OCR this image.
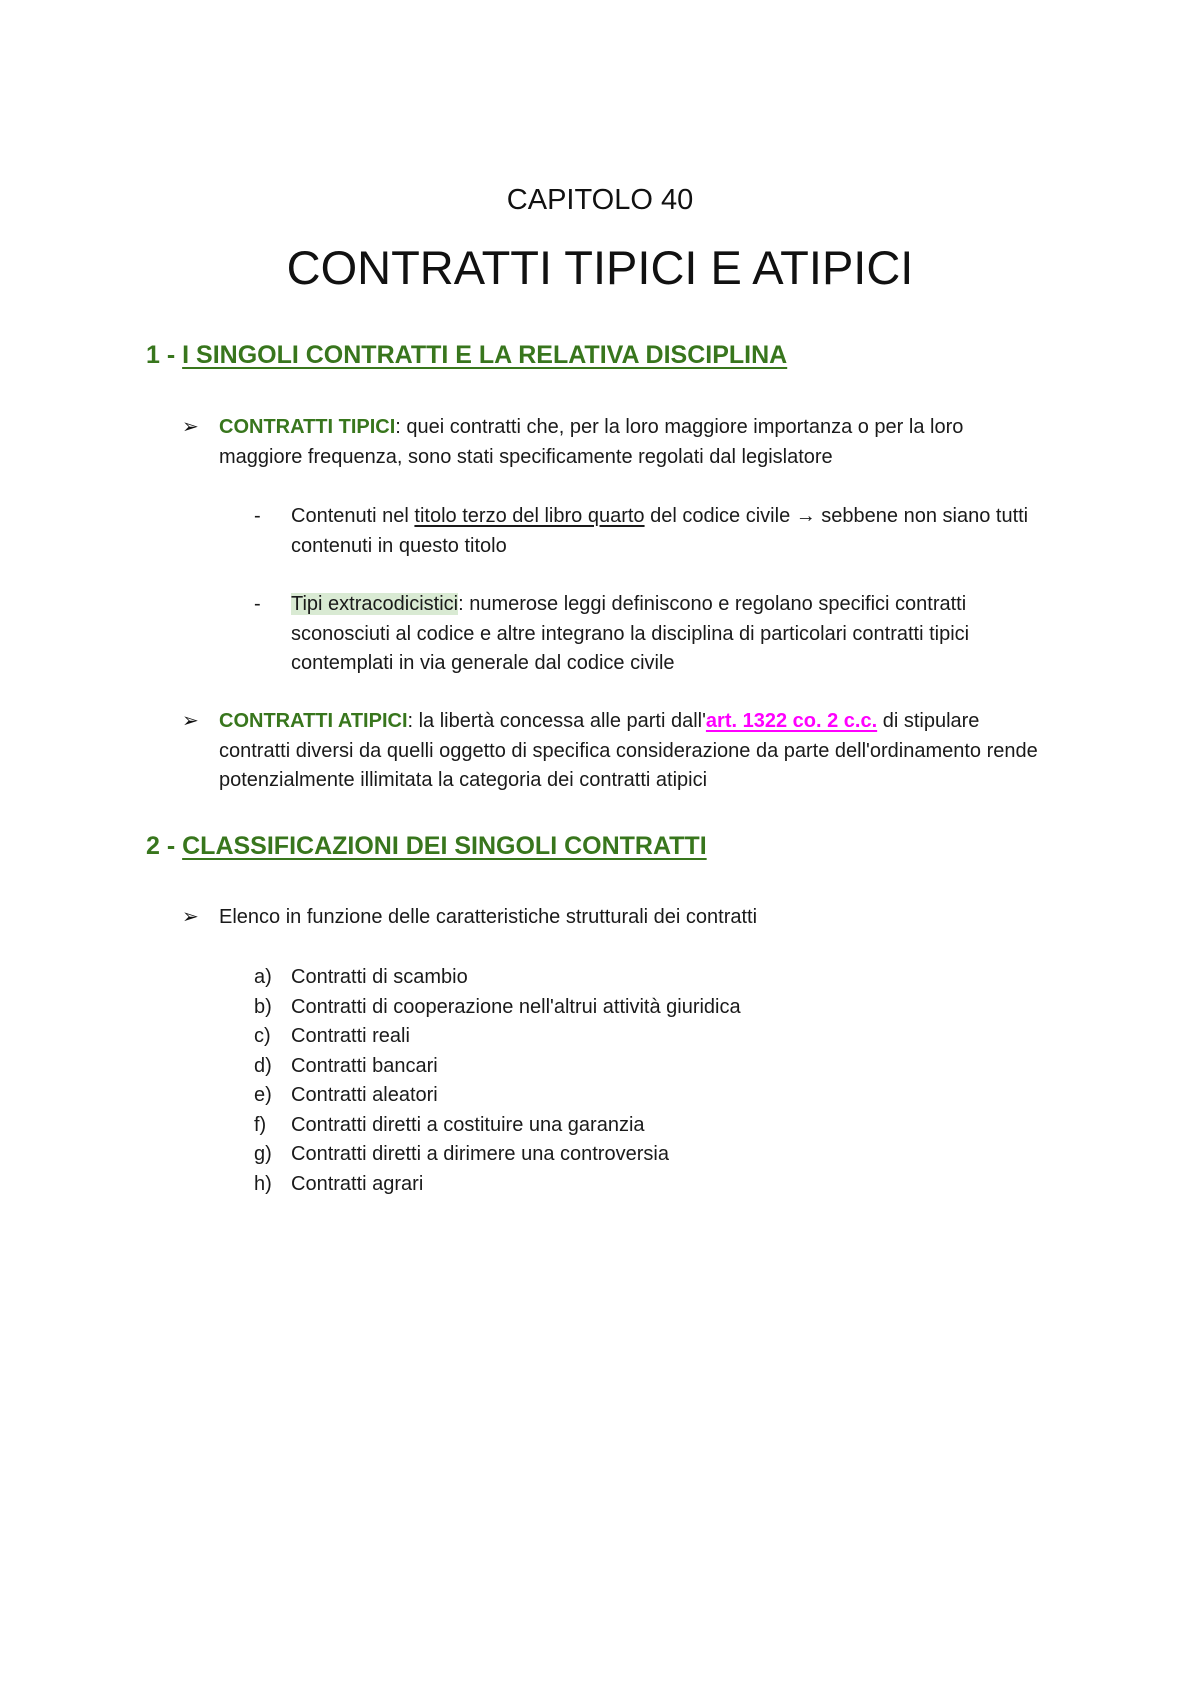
CAPITOLO 40
CONTRATTI TIPICI E ATIPICI
1 - I SINGOLI CONTRATTI E LA RELATIVA DISCIPLINA
➢ CONTRATTI TIPICI: quei contratti che, per la loro maggiore importanza o per la loro maggiore frequenza, sono stati specificamente regolati dal legislatore
- Contenuti nel titolo terzo del libro quarto del codice civile → sebbene non siano tutti contenuti in questo titolo
- Tipi extracodicistici: numerose leggi definiscono e regolano specifici contratti sconosciuti al codice e altre integrano la disciplina di particolari contratti tipici contemplati in via generale dal codice civile
➢ CONTRATTI ATIPICI: la libertà concessa alle parti dall'art. 1322 co. 2 c.c. di stipulare contratti diversi da quelli oggetto di specifica considerazione da parte dell'ordinamento rende potenzialmente illimitata la categoria dei contratti atipici
2 - CLASSIFICAZIONI DEI SINGOLI CONTRATTI
➢ Elenco in funzione delle caratteristiche strutturali dei contratti
a) Contratti di scambio
b) Contratti di cooperazione nell'altrui attività giuridica
c) Contratti reali
d) Contratti bancari
e) Contratti aleatori
f) Contratti diretti a costituire una garanzia
g) Contratti diretti a dirimere una controversia
h) Contratti agrari
